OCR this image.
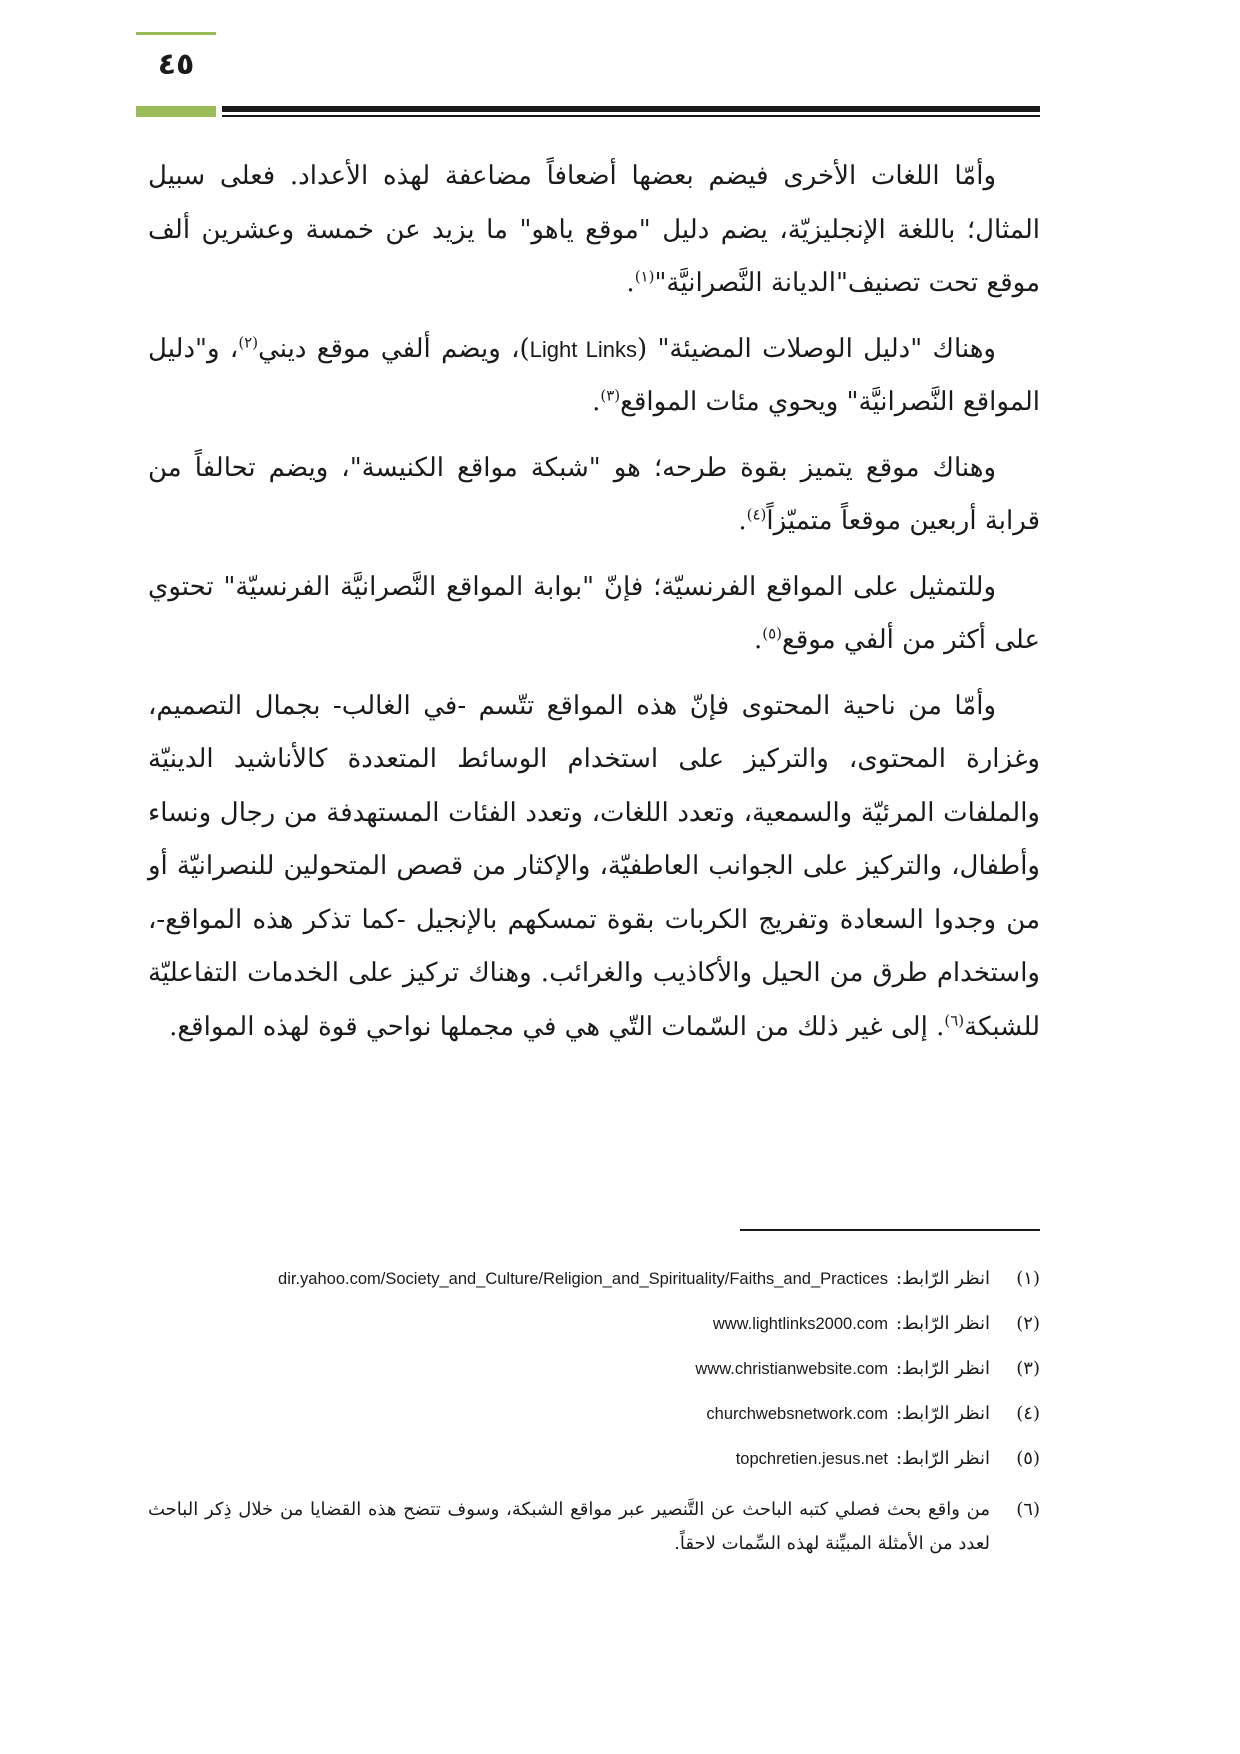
٤٥

وأمّا اللغات الأخرى فيضم بعضها أضعافاً مضاعفة لهذه الأعداد. فعلى سبيل المثال؛ باللغة الإنجليزيّة، يضم دليل "موقع ياهو" ما يزيد عن خمسة وعشرين ألف موقع تحت تصنيف"الديانة النَّصرانيَّة"$^{(١)}$.

وهناك "دليل الوصلات المضيئة" (Light Links)، ويضم ألفي موقع ديني$^{(٢)}$، و"دليل المواقع النَّصرانيَّة" ويحوي مئات المواقع$^{(٣)}$.

وهناك موقع يتميز بقوة طرحه؛ هو "شبكة مواقع الكنيسة"، ويضم تحالفاً من قرابة أربعين موقعاً متميّزاً$^{(٤)}$.

وللتمثيل على المواقع الفرنسيّة؛ فإنّ "بوابة المواقع النَّصرانيَّة الفرنسيّة" تحتوي على أكثر من ألفي موقع$^{(٥)}$.

وأمّا من ناحية المحتوى فإنّ هذه المواقع تتّسم -في الغالب- بجمال التصميم، وغزارة المحتوى، والتركيز على استخدام الوسائط المتعددة كالأناشيد الدينيّة والملفات المرئيّة والسمعية، وتعدد اللغات، وتعدد الفئات المستهدفة من رجال ونساء وأطفال، والتركيز على الجوانب العاطفيّة، والإكثار من قصص المتحولين للنصرانيّة أو من وجدوا السعادة وتفريج الكربات بقوة تمسكهم بالإنجيل -كما تذكر هذه المواقع-، واستخدام طرق من الحيل والأكاذيب والغرائب. وهناك تركيز على الخدمات التفاعليّة للشبكة$^{(٦)}$. إلى غير ذلك من السّمات التّي هي في مجملها نواحي قوة لهذه المواقع.

(١)
انظر الرّابط:
dir.yahoo.com/Society_and_Culture/Religion_and_Spirituality/Faiths_and_Practices
(٢)
انظر الرّابط:
www.lightlinks2000.com
(٣)
انظر الرّابط:
www.christianwebsite.com
(٤)
انظر الرّابط:
churchwebsnetwork.com
(٥)
انظر الرّابط:
topchretien.jesus.net
(٦)
من واقع بحث فصلي كتبه الباحث عن التَّنصير عبر مواقع الشبكة، وسوف تتضح هذه القضايا من خلال ذِكر الباحث لعدد من الأمثلة المبيِّنة لهذه السِّمات لاحقاً.
